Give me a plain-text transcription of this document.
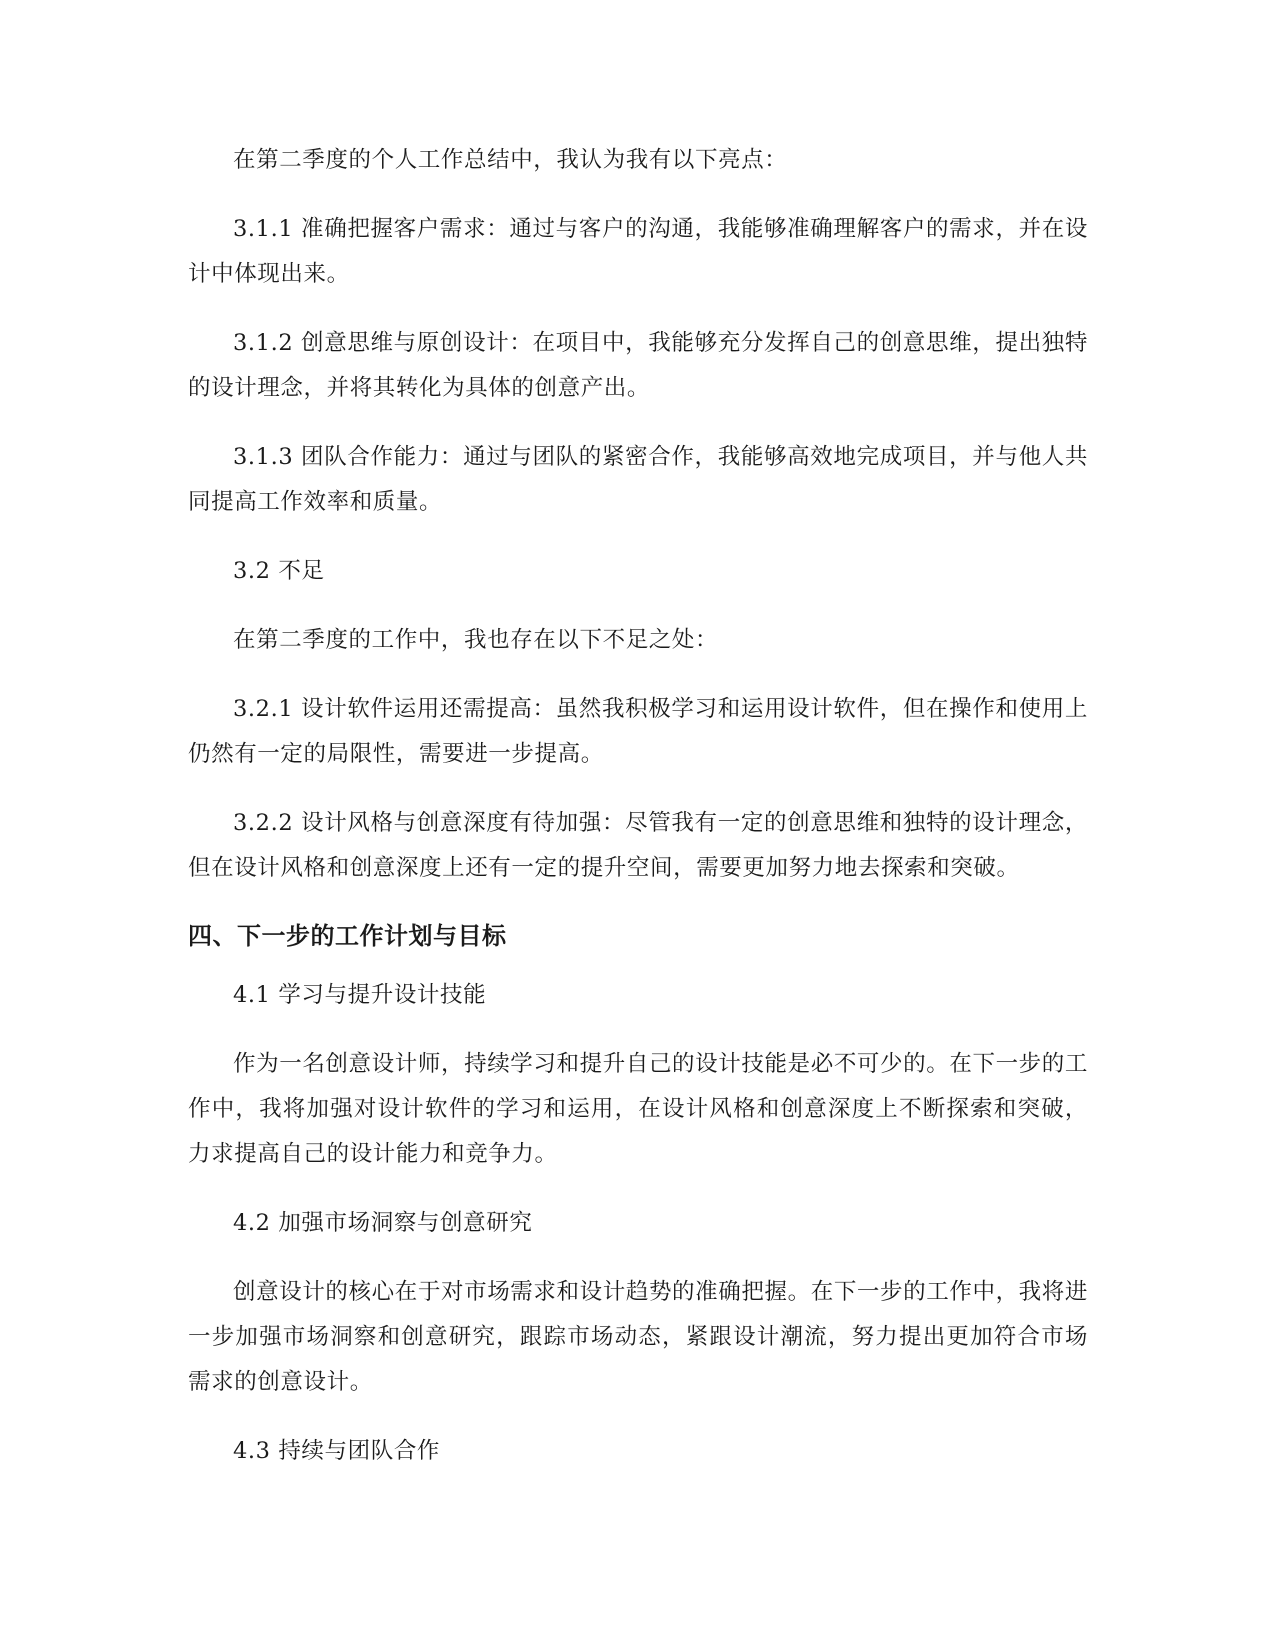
在第二季度的个人工作总结中，我认为我有以下亮点：

3.1.1 准确把握客户需求：通过与客户的沟通，我能够准确理解客户的需求，并在设计中体现出来。

3.1.2 创意思维与原创设计：在项目中，我能够充分发挥自己的创意思维，提出独特的设计理念，并将其转化为具体的创意产出。

3.1.3 团队合作能力：通过与团队的紧密合作，我能够高效地完成项目，并与他人共同提高工作效率和质量。

3.2 不足

在第二季度的工作中，我也存在以下不足之处：

3.2.1 设计软件运用还需提高：虽然我积极学习和运用设计软件，但在操作和使用上仍然有一定的局限性，需要进一步提高。

3.2.2 设计风格与创意深度有待加强：尽管我有一定的创意思维和独特的设计理念，但在设计风格和创意深度上还有一定的提升空间，需要更加努力地去探索和突破。

四、下一步的工作计划与目标

4.1 学习与提升设计技能

作为一名创意设计师，持续学习和提升自己的设计技能是必不可少的。在下一步的工作中，我将加强对设计软件的学习和运用，在设计风格和创意深度上不断探索和突破，力求提高自己的设计能力和竞争力。

4.2 加强市场洞察与创意研究

创意设计的核心在于对市场需求和设计趋势的准确把握。在下一步的工作中，我将进一步加强市场洞察和创意研究，跟踪市场动态，紧跟设计潮流，努力提出更加符合市场需求的创意设计。

4.3 持续与团队合作
